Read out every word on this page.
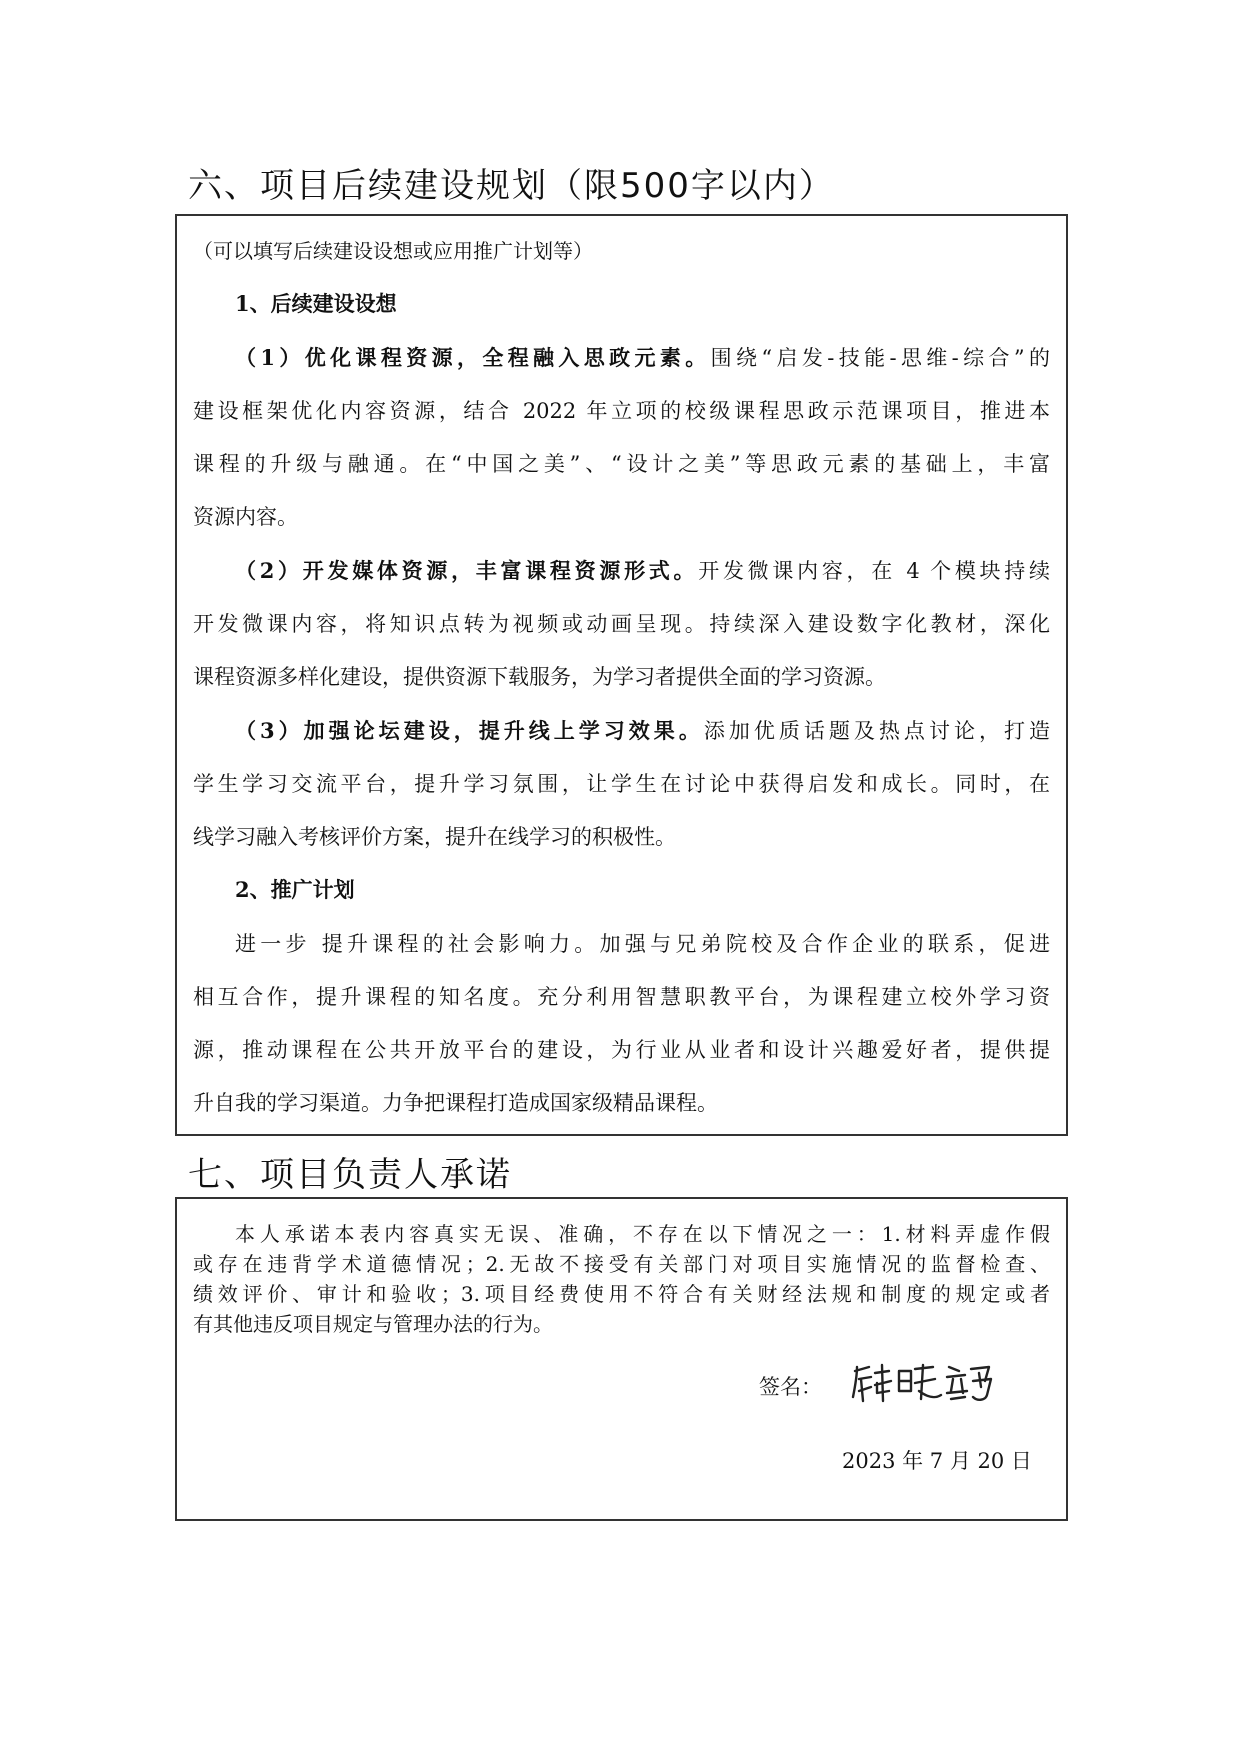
六、项目后续建设规划（限500字以内）
（可以填写后续建设设想或应用推广计划等）
1、后续建设设想
（1）优化课程资源，全程融入思政元素。围绕“启发-技能-思维-综合”的
建设框架优化内容资源，结合 2022 年立项的校级课程思政示范课项目，推进本
课程的升级与融通。在“中国之美”、“设计之美”等思政元素的基础上，丰富
资源内容。
（2）开发媒体资源，丰富课程资源形式。开发微课内容，在 4 个模块持续
开发微课内容，将知识点转为视频或动画呈现。持续深入建设数字化教材，深化
课程资源多样化建设，提供资源下载服务，为学习者提供全面的学习资源。
（3）加强论坛建设，提升线上学习效果。添加优质话题及热点讨论，打造
学生学习交流平台，提升学习氛围，让学生在讨论中获得启发和成长。同时，在
线学习融入考核评价方案，提升在线学习的积极性。
2、推广计划
进一步 提升课程的社会影响力。加强与兄弟院校及合作企业的联系，促进
相互合作，提升课程的知名度。充分利用智慧职教平台，为课程建立校外学习资
源，推动课程在公共开放平台的建设，为行业从业者和设计兴趣爱好者，提供提
升自我的学习渠道。力争把课程打造成国家级精品课程。
七、项目负责人承诺
本人承诺本表内容真实无误、准确，不存在以下情况之一：1.材料弄虚作假
或存在违背学术道德情况；2.无故不接受有关部门对项目实施情况的监督检查、
绩效评价、审计和验收；3.项目经费使用不符合有关财经法规和制度的规定或者
有其他违反项目规定与管理办法的行为。
签名：
2023 年 7 月 20 日
